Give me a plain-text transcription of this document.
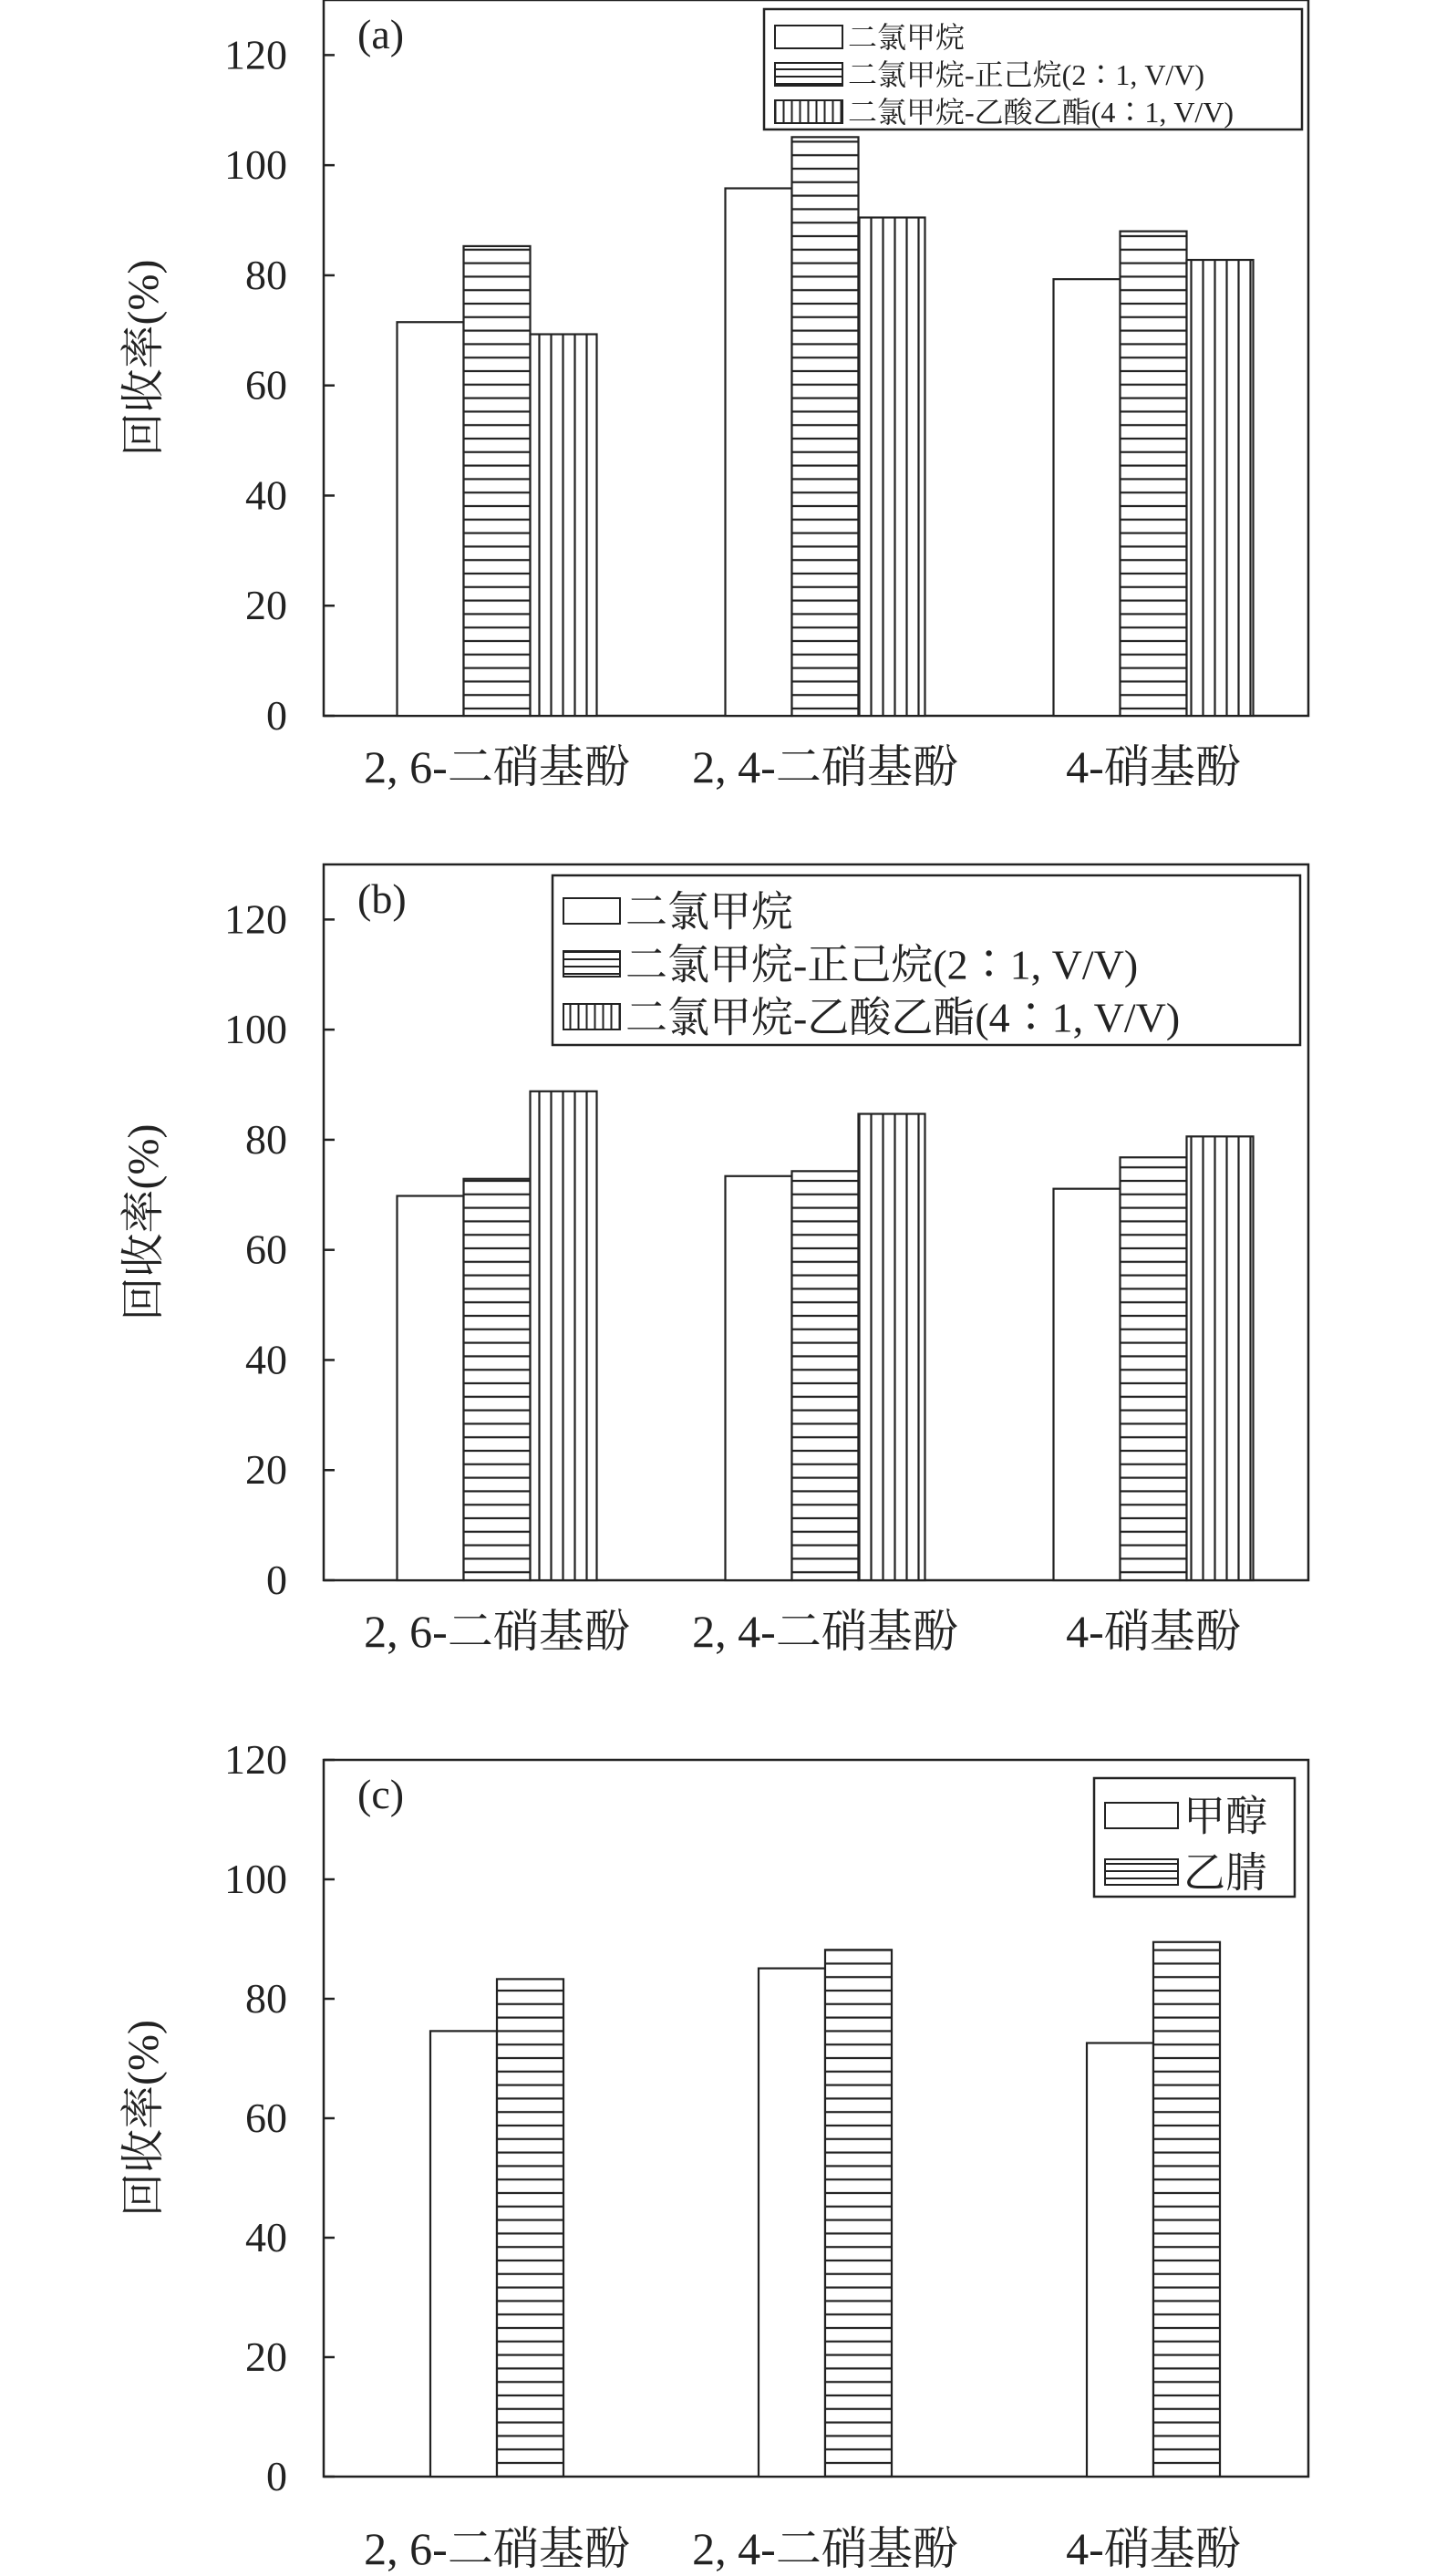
0
20
40
60
80
100
120
回收率(%)
(a)
2, 6-二硝基酚 2, 4-二硝基酚 4-硝基酚
二氯甲烷
二氯甲烷-正己烷(2∶1, V/V)
二氯甲烷-乙酸乙酯(4∶1, V/V)
0
20
40
60
80
100
120
回收率(%)
(b)
2, 6-二硝基酚 2, 4-二硝基酚 4-硝基酚
二氯甲烷
二氯甲烷-正己烷(2∶1, V/V)
二氯甲烷-乙酸乙酯(4∶1, V/V)
0
20
40
60
80
100
120
回收率(%)
(c)
2, 6-二硝基酚 2, 4-二硝基酚 4-硝基酚
甲醇
乙腈
